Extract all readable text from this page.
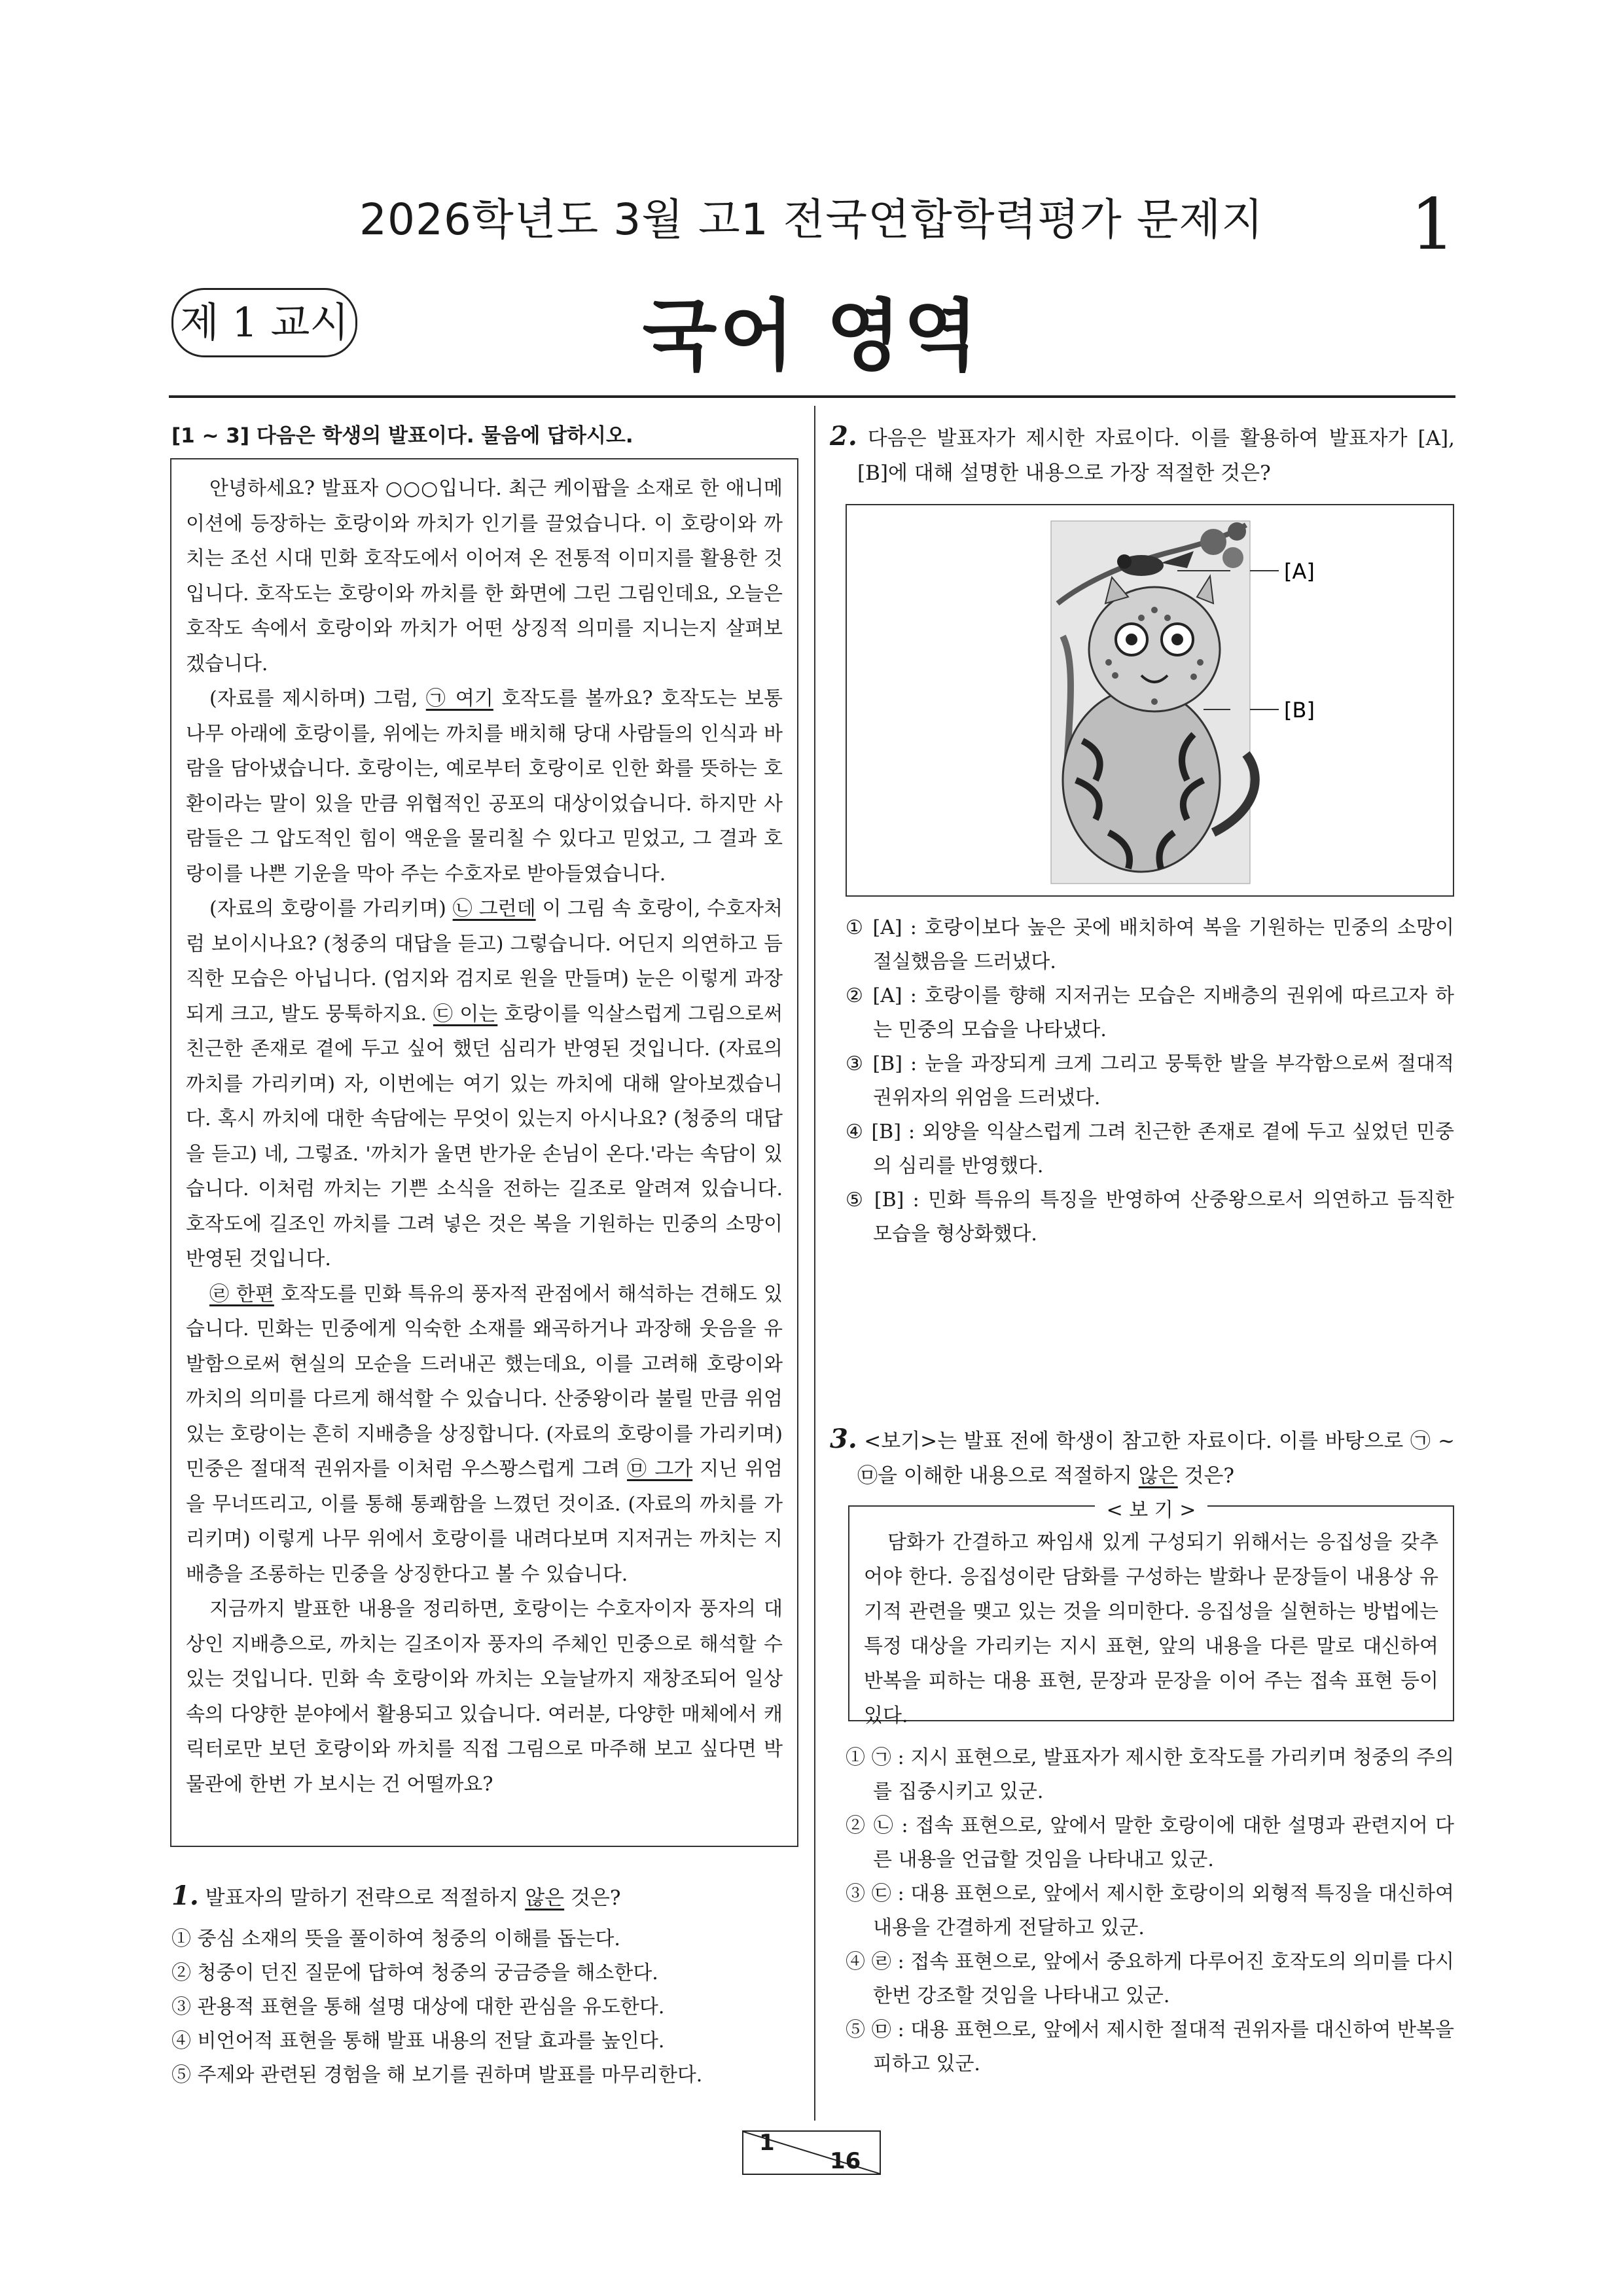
2026학년도 3월 고1 전국연합학력평가 문제지	1
제 1 교시	국어 영역
[1 ~ 3] 다음은 학생의 발표이다. 물음에 답하시오.

안녕하세요? 발표자 ○○○입니다. 최근 케이팝을 소재로 한 애니메이션에 등장하는 호랑이와 까치가 인기를 끌었습니다. 이 호랑이와 까치는 조선 시대 민화 호작도에서 이어져 온 전통적 이미지를 활용한 것입니다. 호작도는 호랑이와 까치를 한 화면에 그린 그림인데요, 오늘은 호작도 속에서 호랑이와 까치가 어떤 상징적 의미를 지니는지 살펴보겠습니다.

(자료를 제시하며) 그럼, ㉠ 여기 호작도를 볼까요? 호작도는 보통 나무 아래에 호랑이를, 위에는 까치를 배치해 당대 사람들의 인식과 바람을 담아냈습니다. 호랑이는, 예로부터 호랑이로 인한 화를 뜻하는 호환이라는 말이 있을 만큼 위협적인 공포의 대상이었습니다. 하지만 사람들은 그 압도적인 힘이 액운을 물리칠 수 있다고 믿었고, 그 결과 호랑이를 나쁜 기운을 막아 주는 수호자로 받아들였습니다.

(자료의 호랑이를 가리키며) ㉡ 그런데 이 그림 속 호랑이, 수호자처럼 보이시나요? (청중의 대답을 듣고) 그렇습니다. 어딘지 의연하고 듬직한 모습은 아닙니다. (엄지와 검지로 원을 만들며) 눈은 이렇게 과장되게 크고, 발도 뭉툭하지요. ㉢ 이는 호랑이를 익살스럽게 그림으로써 친근한 존재로 곁에 두고 싶어 했던 심리가 반영된 것입니다. (자료의 까치를 가리키며) 자, 이번에는 여기 있는 까치에 대해 알아보겠습니다. 혹시 까치에 대한 속담에는 무엇이 있는지 아시나요? (청중의 대답을 듣고) 네, 그렇죠. '까치가 울면 반가운 손님이 온다.'라는 속담이 있습니다. 이처럼 까치는 기쁜 소식을 전하는 길조로 알려져 있습니다. 호작도에 길조인 까치를 그려 넣은 것은 복을 기원하는 민중의 소망이 반영된 것입니다.

㉣ 한편 호작도를 민화 특유의 풍자적 관점에서 해석하는 견해도 있습니다. 민화는 민중에게 익숙한 소재를 왜곡하거나 과장해 웃음을 유발함으로써 현실의 모순을 드러내곤 했는데요, 이를 고려해 호랑이와 까치의 의미를 다르게 해석할 수 있습니다. 산중왕이라 불릴 만큼 위엄 있는 호랑이는 흔히 지배층을 상징합니다. (자료의 호랑이를 가리키며) 민중은 절대적 권위자를 이처럼 우스꽝스럽게 그려 ㉤ 그가 지닌 위엄을 무너뜨리고, 이를 통해 통쾌함을 느꼈던 것이죠. (자료의 까치를 가리키며) 이렇게 나무 위에서 호랑이를 내려다보며 지저귀는 까치는 지배층을 조롱하는 민중을 상징한다고 볼 수 있습니다.

지금까지 발표한 내용을 정리하면, 호랑이는 수호자이자 풍자의 대상인 지배층으로, 까치는 길조이자 풍자의 주체인 민중으로 해석할 수 있는 것입니다. 민화 속 호랑이와 까치는 오늘날까지 재창조되어 일상 속의 다양한 분야에서 활용되고 있습니다. 여러분, 다양한 매체에서 캐릭터로만 보던 호랑이와 까치를 직접 그림으로 마주해 보고 싶다면 박물관에 한번 가 보시는 건 어떨까요?

1. 발표자의 말하기 전략으로 적절하지 않은 것은?
① 중심 소재의 뜻을 풀이하여 청중의 이해를 돕는다.
② 청중이 던진 질문에 답하여 청중의 궁금증을 해소한다.
③ 관용적 표현을 통해 설명 대상에 대한 관심을 유도한다.
④ 비언어적 표현을 통해 발표 내용의 전달 효과를 높인다.
⑤ 주제와 관련된 경험을 해 보기를 권하며 발표를 마무리한다.
2. 다음은 발표자가 제시한 자료이다. 이를 활용하여 발표자가 [A], [B]에 대해 설명한 내용으로 가장 적절한 것은?
[A]
[B]
① [A] : 호랑이보다 높은 곳에 배치하여 복을 기원하는 민중의 소망이 절실했음을 드러냈다.
② [A] : 호랑이를 향해 지저귀는 모습은 지배층의 권위에 따르고자 하는 민중의 모습을 나타냈다.
③ [B] : 눈을 과장되게 크게 그리고 뭉툭한 발을 부각함으로써 절대적 권위자의 위엄을 드러냈다.
④ [B] : 외양을 익살스럽게 그려 친근한 존재로 곁에 두고 싶었던 민중의 심리를 반영했다.
⑤ [B] : 민화 특유의 특징을 반영하여 산중왕으로서 의연하고 듬직한 모습을 형상화했다.
3. <보기>는 발표 전에 학생이 참고한 자료이다. 이를 바탕으로 ㉠ ~ ㉤을 이해한 내용으로 적절하지 않은 것은?
< 보 기 >
담화가 간결하고 짜임새 있게 구성되기 위해서는 응집성을 갖추어야 한다. 응집성이란 담화를 구성하는 발화나 문장들이 내용상 유기적 관련을 맺고 있는 것을 의미한다. 응집성을 실현하는 방법에는 특정 대상을 가리키는 지시 표현, 앞의 내용을 다른 말로 대신하여 반복을 피하는 대용 표현, 문장과 문장을 이어 주는 접속 표현 등이 있다.
① ㉠ : 지시 표현으로, 발표자가 제시한 호작도를 가리키며 청중의 주의를 집중시키고 있군.
② ㉡ : 접속 표현으로, 앞에서 말한 호랑이에 대한 설명과 관련지어 다른 내용을 언급할 것임을 나타내고 있군.
③ ㉢ : 대용 표현으로, 앞에서 제시한 호랑이의 외형적 특징을 대신하여 내용을 간결하게 전달하고 있군.
④ ㉣ : 접속 표현으로, 앞에서 중요하게 다루어진 호작도의 의미를 다시 한번 강조할 것임을 나타내고 있군.
⑤ ㉤ : 대용 표현으로, 앞에서 제시한 절대적 권위자를 대신하여 반복을 피하고 있군.
1
16
